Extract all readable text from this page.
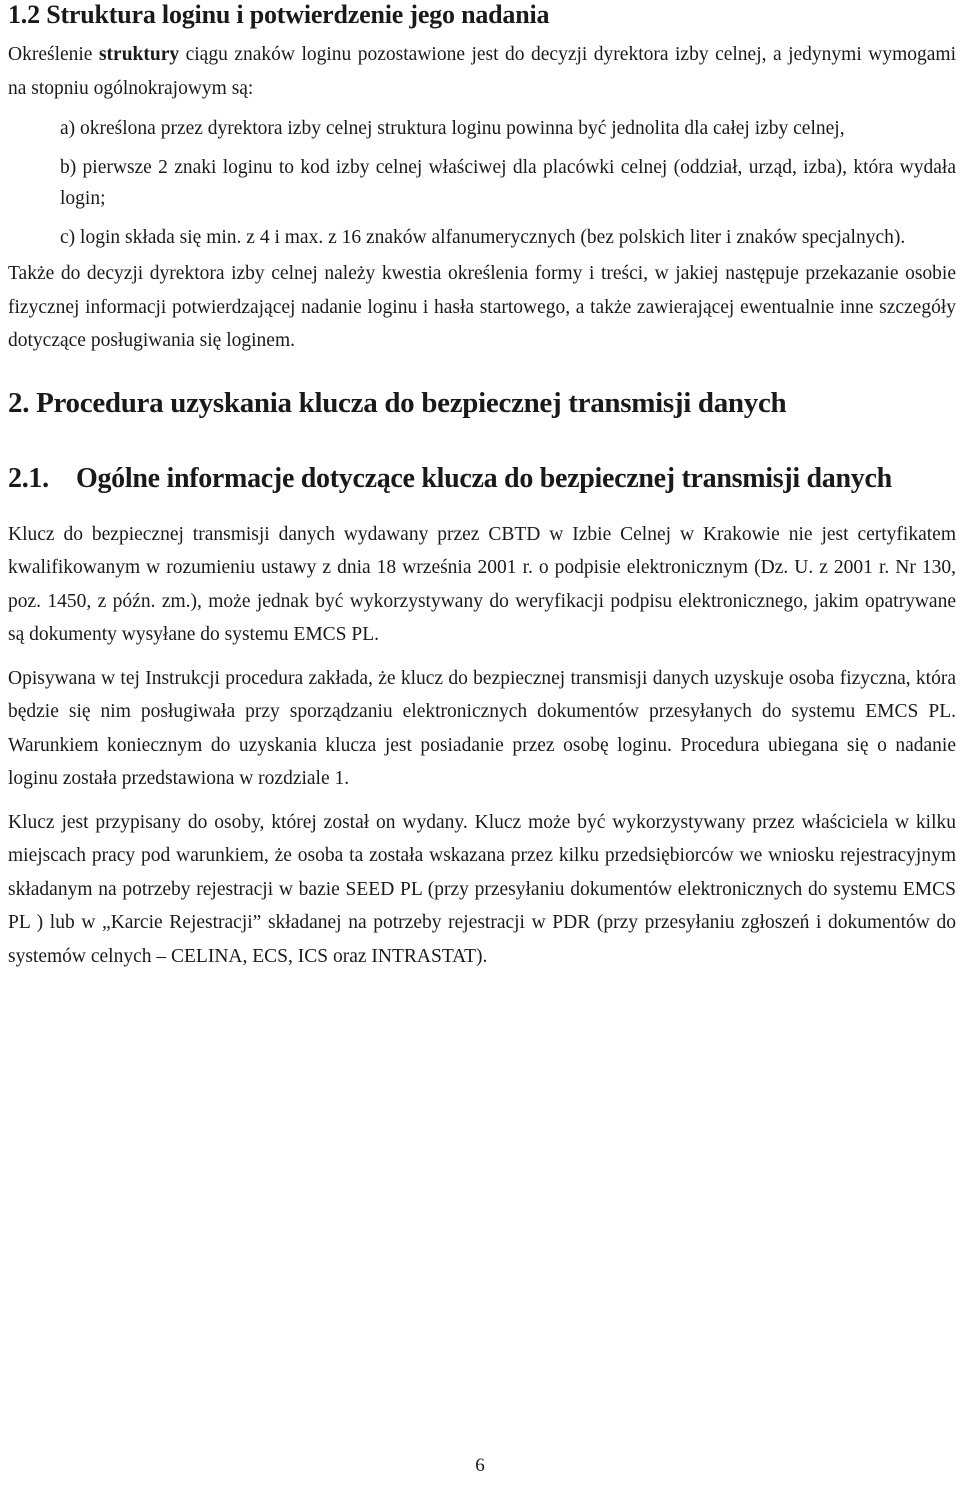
1.2 Struktura loginu i potwierdzenie jego nadania

Określenie struktury ciągu znaków loginu pozostawione jest do decyzji dyrektora izby celnej, a jedynymi wymogami na stopniu ogólnokrajowym są:

a) określona przez dyrektora izby celnej struktura loginu powinna być jednolita dla całej izby celnej,
b) pierwsze 2 znaki loginu to kod izby celnej właściwej dla placówki celnej (oddział, urząd, izba), która wydała login;
c) login składa się min. z 4 i max. z 16 znaków alfanumerycznych (bez polskich liter i znaków specjalnych).

Także do decyzji dyrektora izby celnej należy kwestia określenia formy i treści, w jakiej następuje przekazanie osobie fizycznej informacji potwierdzającej nadanie loginu i hasła startowego, a także zawierającej ewentualnie inne szczegóły dotyczące posługiwania się loginem.

2. Procedura uzyskania klucza do bezpiecznej transmisji danych
2.1. Ogólne informacje dotyczące klucza do bezpiecznej transmisji danych

Klucz do bezpiecznej transmisji danych wydawany przez CBTD w Izbie Celnej w Krakowie nie jest certyfikatem kwalifikowanym w rozumieniu ustawy z dnia 18 września 2001 r. o podpisie elektronicznym (Dz. U. z 2001 r. Nr 130, poz. 1450, z późn. zm.), może jednak być wykorzystywany do weryfikacji podpisu elektronicznego, jakim opatrywane są dokumenty wysyłane do systemu EMCS PL.

Opisywana w tej Instrukcji procedura zakłada, że klucz do bezpiecznej transmisji danych uzyskuje osoba fizyczna, która będzie się nim posługiwała przy sporządzaniu elektronicznych dokumentów przesyłanych do systemu EMCS PL. Warunkiem koniecznym do uzyskania klucza jest posiadanie przez osobę loginu. Procedura ubiegana się o nadanie loginu została przedstawiona w rozdziale 1.

Klucz jest przypisany do osoby, której został on wydany. Klucz może być wykorzystywany przez właściciela w kilku miejscach pracy pod warunkiem, że osoba ta została wskazana przez kilku przedsiębiorców we wniosku rejestracyjnym składanym na potrzeby rejestracji w bazie SEED PL (przy przesyłaniu dokumentów elektronicznych do systemu EMCS PL ) lub w „Karcie Rejestracji” składanej na potrzeby rejestracji w PDR (przy przesyłaniu zgłoszeń i dokumentów do systemów celnych – CELINA, ECS, ICS oraz INTRASTAT).

6
